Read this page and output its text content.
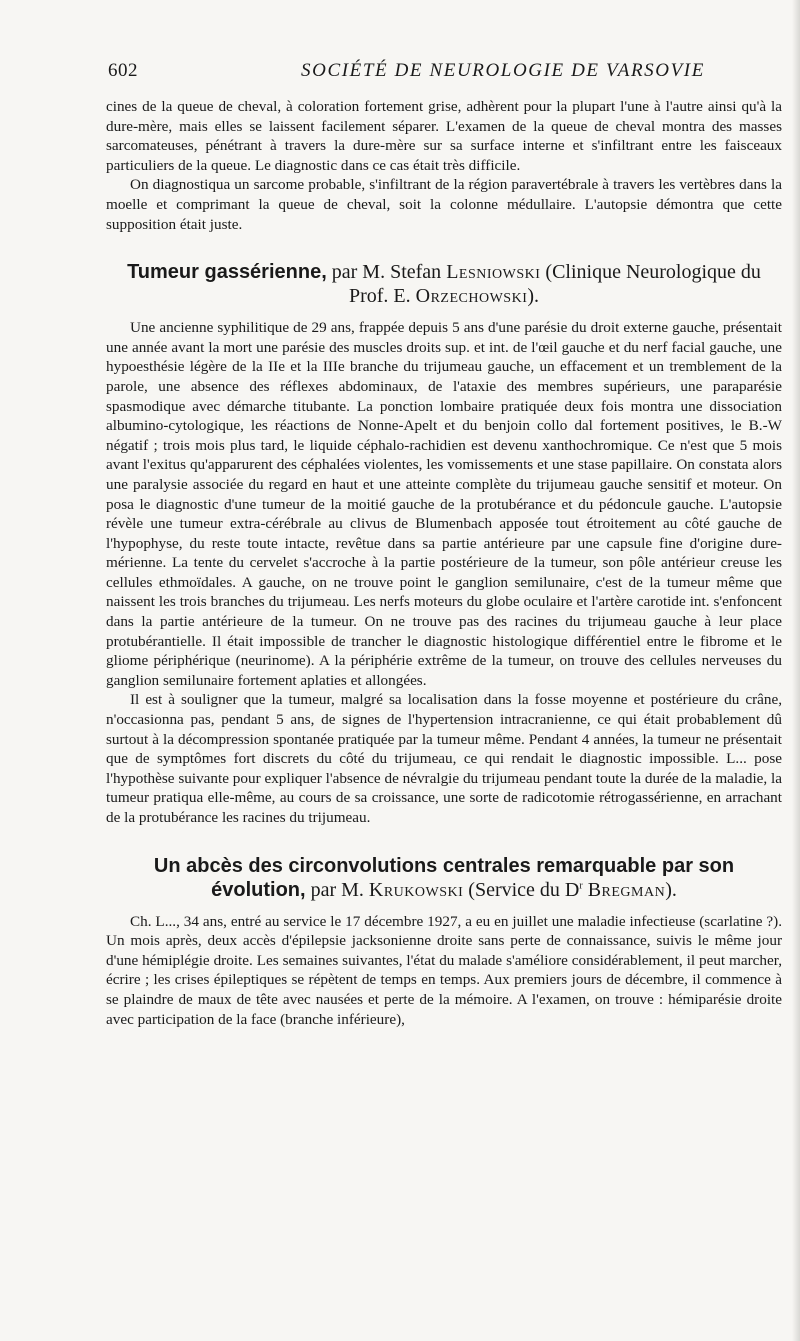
602	SOCIÉTÉ DE NEUROLOGIE DE VARSOVIE

cines de la queue de cheval, à coloration fortement grise, adhèrent pour la plupart l'une à l'autre ainsi qu'à la dure-mère, mais elles se laissent facilement séparer. L'examen de la queue de cheval montra des masses sarcomateuses, pénétrant à travers la dure-mère sur sa surface interne et s'infiltrant entre les faisceaux particuliers de la queue. Le diagnostic dans ce cas était très difficile.

On diagnostiqua un sarcome probable, s'infiltrant de la région paravertébrale à travers les vertèbres dans la moelle et comprimant la queue de cheval, soit la colonne médullaire. L'autopsie démontra que cette supposition était juste.

Tumeur gassérienne, par M. Stefan Lesniowski (Clinique Neurologique du Prof. E. Orzechowski).

Une ancienne syphilitique de 29 ans, frappée depuis 5 ans d'une parésie du droit externe gauche, présentait une année avant la mort une parésie des muscles droits sup. et int. de l'œil gauche et du nerf facial gauche, une hypoesthésie légère de la IIe et la IIIe branche du trijumeau gauche, un effacement et un tremblement de la parole, une absence des réflexes abdominaux, de l'ataxie des membres supérieurs, une paraparésie spasmodique avec démarche titubante. La ponction lombaire pratiquée deux fois montra une dissociation albumino-cytologique, les réactions de Nonne-Apelt et du benjoin collo dal fortement positives, le B.-W négatif ; trois mois plus tard, le liquide céphalo-rachidien est devenu xanthochromique. Ce n'est que 5 mois avant l'exitus qu'apparurent des céphalées violentes, les vomissements et une stase papillaire. On constata alors une paralysie associée du regard en haut et une atteinte complète du trijumeau gauche sensitif et moteur. On posa le diagnostic d'une tumeur de la moitié gauche de la protubérance et du pédoncule gauche. L'autopsie révèle une tumeur extra-cérébrale au clivus de Blumenbach apposée tout étroitement au côté gauche de l'hypophyse, du reste toute intacte, revêtue dans sa partie antérieure par une capsule fine d'origine dure-mérienne. La tente du cervelet s'accroche à la partie postérieure de la tumeur, son pôle antérieur creuse les cellules ethmoïdales. A gauche, on ne trouve point le ganglion semilunaire, c'est de la tumeur même que naissent les trois branches du trijumeau. Les nerfs moteurs du globe oculaire et l'artère carotide int. s'enfoncent dans la partie antérieure de la tumeur. On ne trouve pas des racines du trijumeau gauche à leur place protubérantielle. Il était impossible de trancher le diagnostic histologique différentiel entre le fibrome et le gliome périphérique (neurinome). A la périphérie extrême de la tumeur, on trouve des cellules nerveuses du ganglion semilunaire fortement aplaties et allongées.

Il est à souligner que la tumeur, malgré sa localisation dans la fosse moyenne et postérieure du crâne, n'occasionna pas, pendant 5 ans, de signes de l'hypertension intracranienne, ce qui était probablement dû surtout à la décompression spontanée pratiquée par la tumeur même. Pendant 4 années, la tumeur ne présentait que de symptômes fort discrets du côté du trijumeau, ce qui rendait le diagnostic impossible. L... pose l'hypothèse suivante pour expliquer l'absence de névralgie du trijumeau pendant toute la durée de la maladie, la tumeur pratiqua elle-même, au cours de sa croissance, une sorte de radicotomie rétrogassérienne, en arrachant de la protubérance les racines du trijumeau.

Un abcès des circonvolutions centrales remarquable par son évolution, par M. Krukowski (Service du $D^r$ Bregman).

Ch. L..., 34 ans, entré au service le 17 décembre 1927, a eu en juillet une maladie infectieuse (scarlatine ?). Un mois après, deux accès d'épilepsie jacksonienne droite sans perte de connaissance, suivis le même jour d'une hémiplégie droite. Les semaines suivantes, l'état du malade s'améliore considérablement, il peut marcher, écrire ; les crises épileptiques se répètent de temps en temps. Aux premiers jours de décembre, il commence à se plaindre de maux de tête avec nausées et perte de la mémoire. A l'examen, on trouve : hémiparésie droite avec participation de la face (branche inférieure),
